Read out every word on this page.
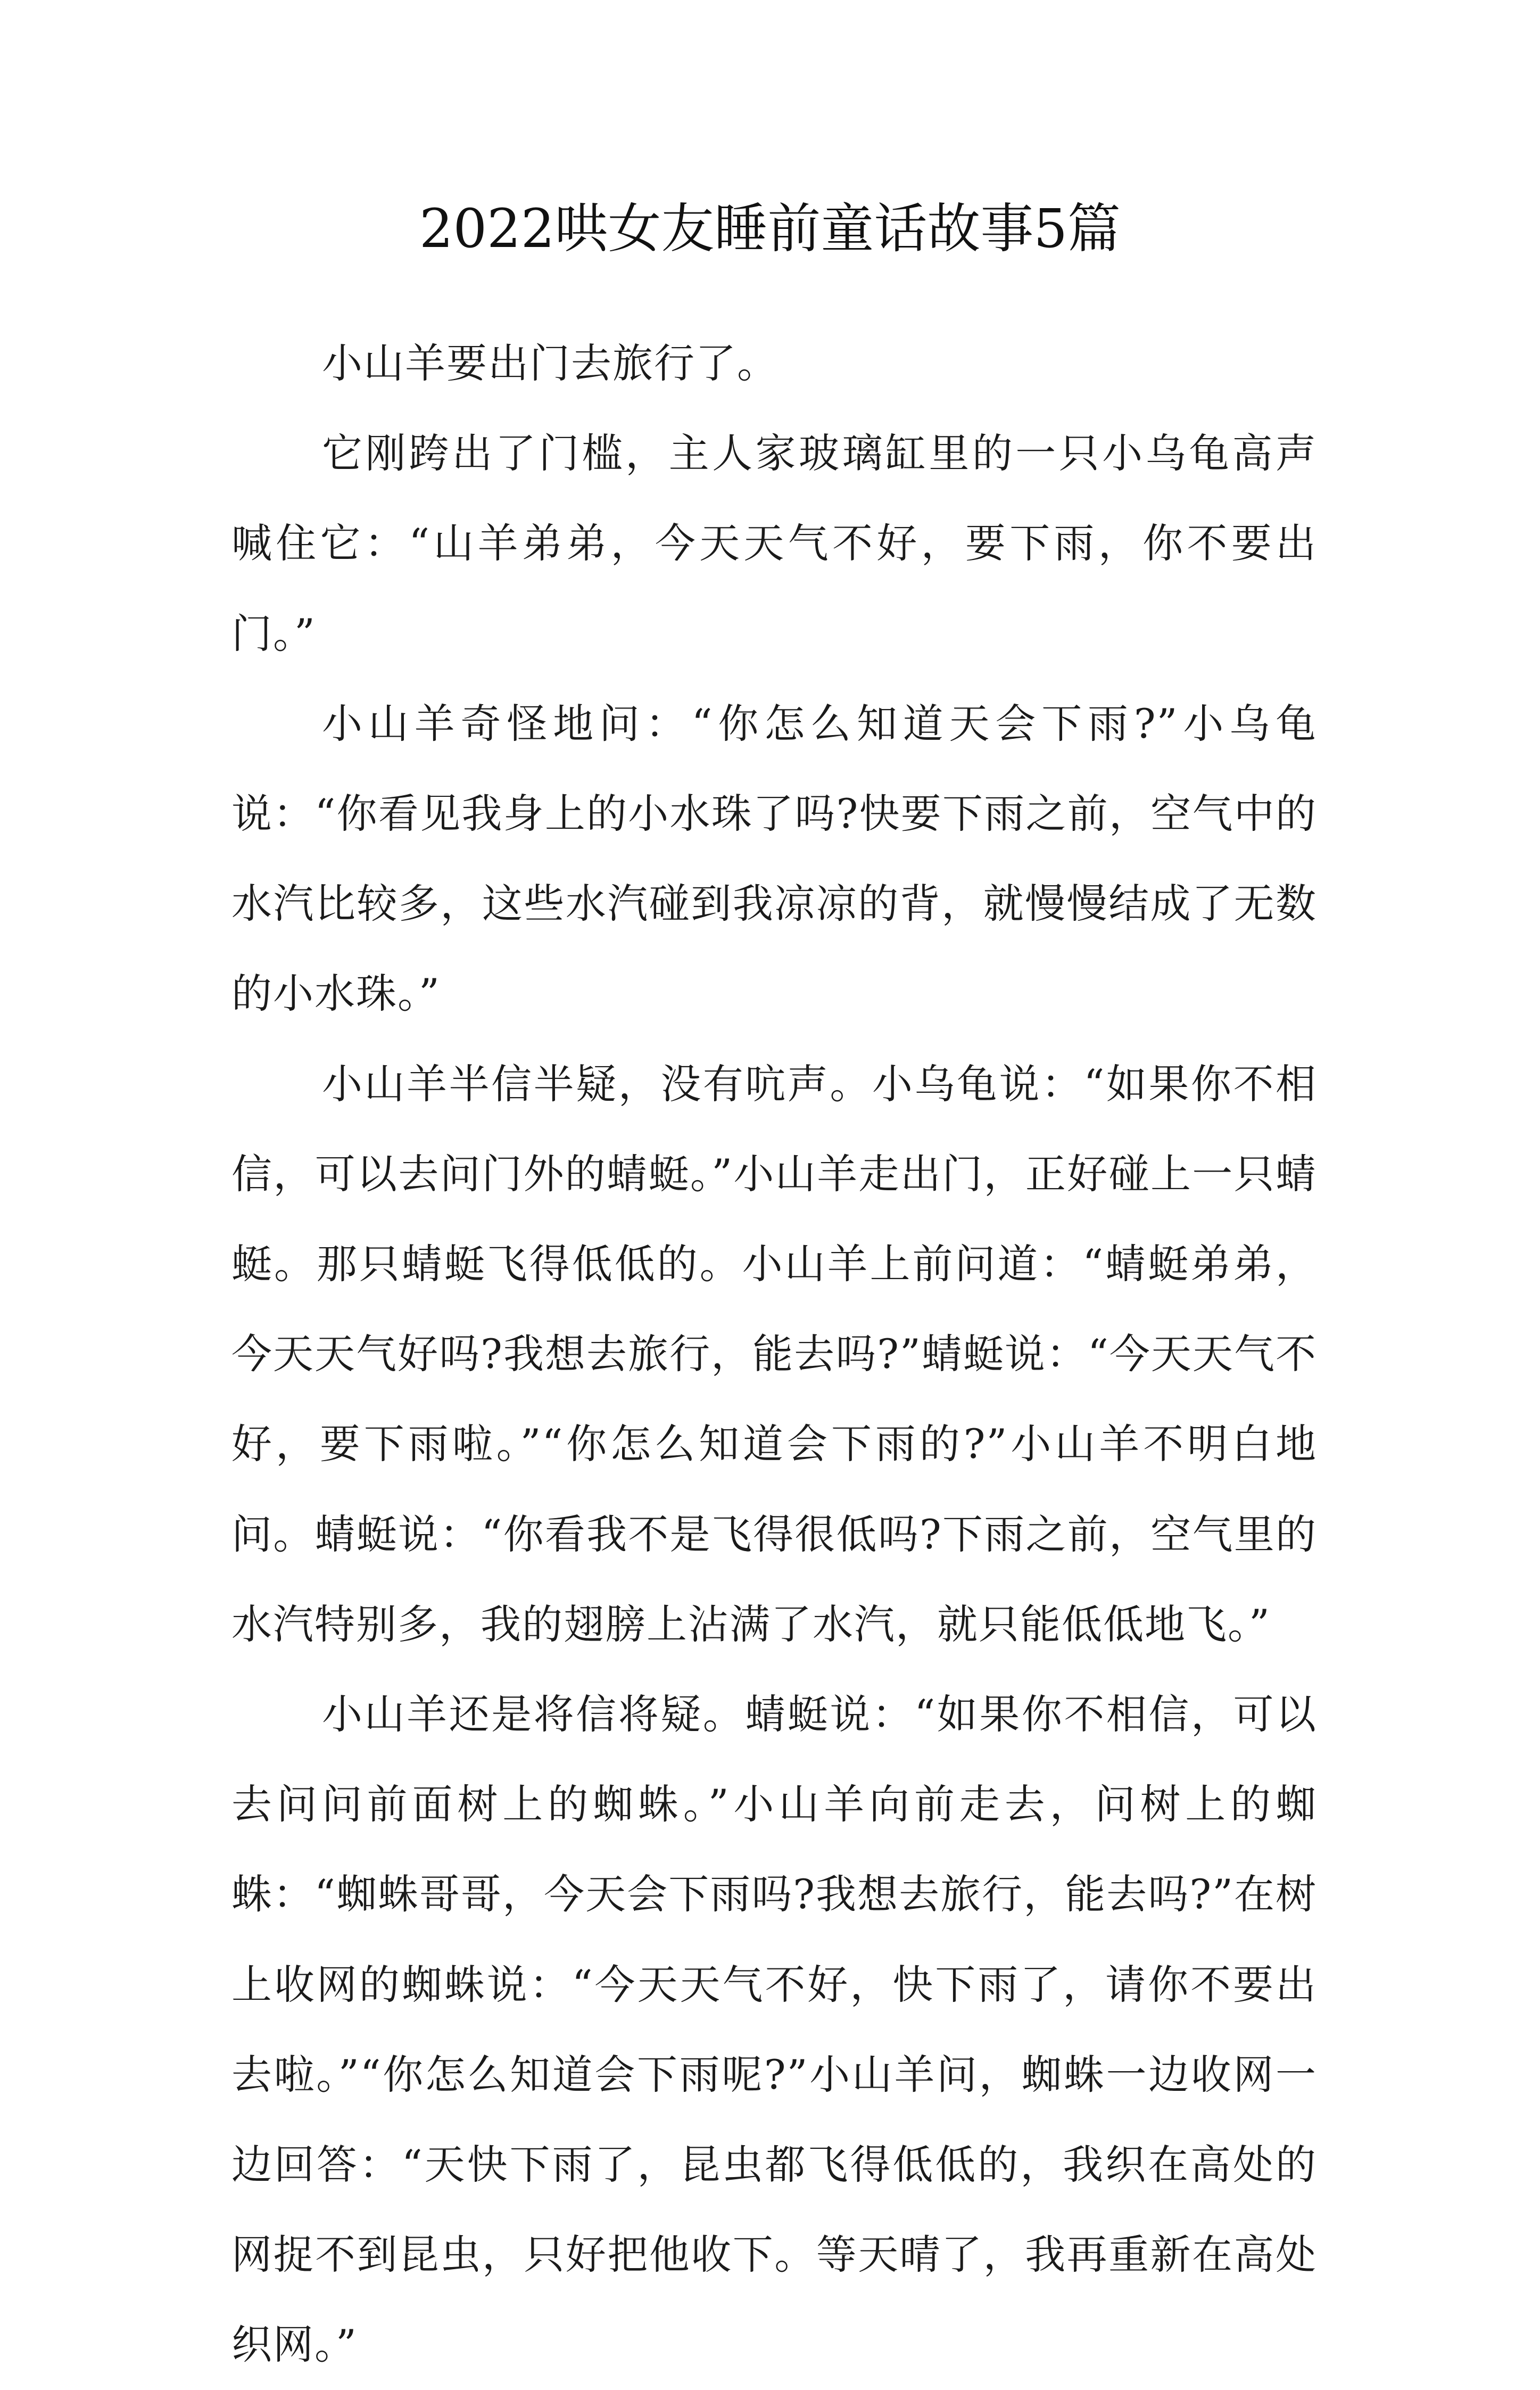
2022哄女友睡前童话故事5篇

小山羊要出门去旅行了。

它刚跨出了门槛，主人家玻璃缸里的一只小乌龟高声喊住它：“山羊弟弟，今天天气不好，要下雨，你不要出门。”

小山羊奇怪地问：“你怎么知道天会下雨?”小乌龟说：“你看见我身上的小水珠了吗?快要下雨之前，空气中的水汽比较多，这些水汽碰到我凉凉的背，就慢慢结成了无数的小水珠。”

小山羊半信半疑，没有吭声。小乌龟说：“如果你不相信，可以去问门外的蜻蜓。”小山羊走出门，正好碰上一只蜻蜓。那只蜻蜓飞得低低的。小山羊上前问道：“蜻蜓弟弟，今天天气好吗?我想去旅行，能去吗?”蜻蜓说：“今天天气不好，要下雨啦。”“你怎么知道会下雨的?”小山羊不明白地问。蜻蜓说：“你看我不是飞得很低吗?下雨之前，空气里的水汽特别多，我的翅膀上沾满了水汽，就只能低低地飞。”

小山羊还是将信将疑。蜻蜓说：“如果你不相信，可以去问问前面树上的蜘蛛。”小山羊向前走去，问树上的蜘蛛：“蜘蛛哥哥，今天会下雨吗?我想去旅行，能去吗?”在树上收网的蜘蛛说：“今天天气不好，快下雨了，请你不要出去啦。”“你怎么知道会下雨呢?”小山羊问，蜘蛛一边收网一边回答：“天快下雨了，昆虫都飞得低低的，我织在高处的网捉不到昆虫，只好把他收下。等天晴了，我再重新在高处织网。”
